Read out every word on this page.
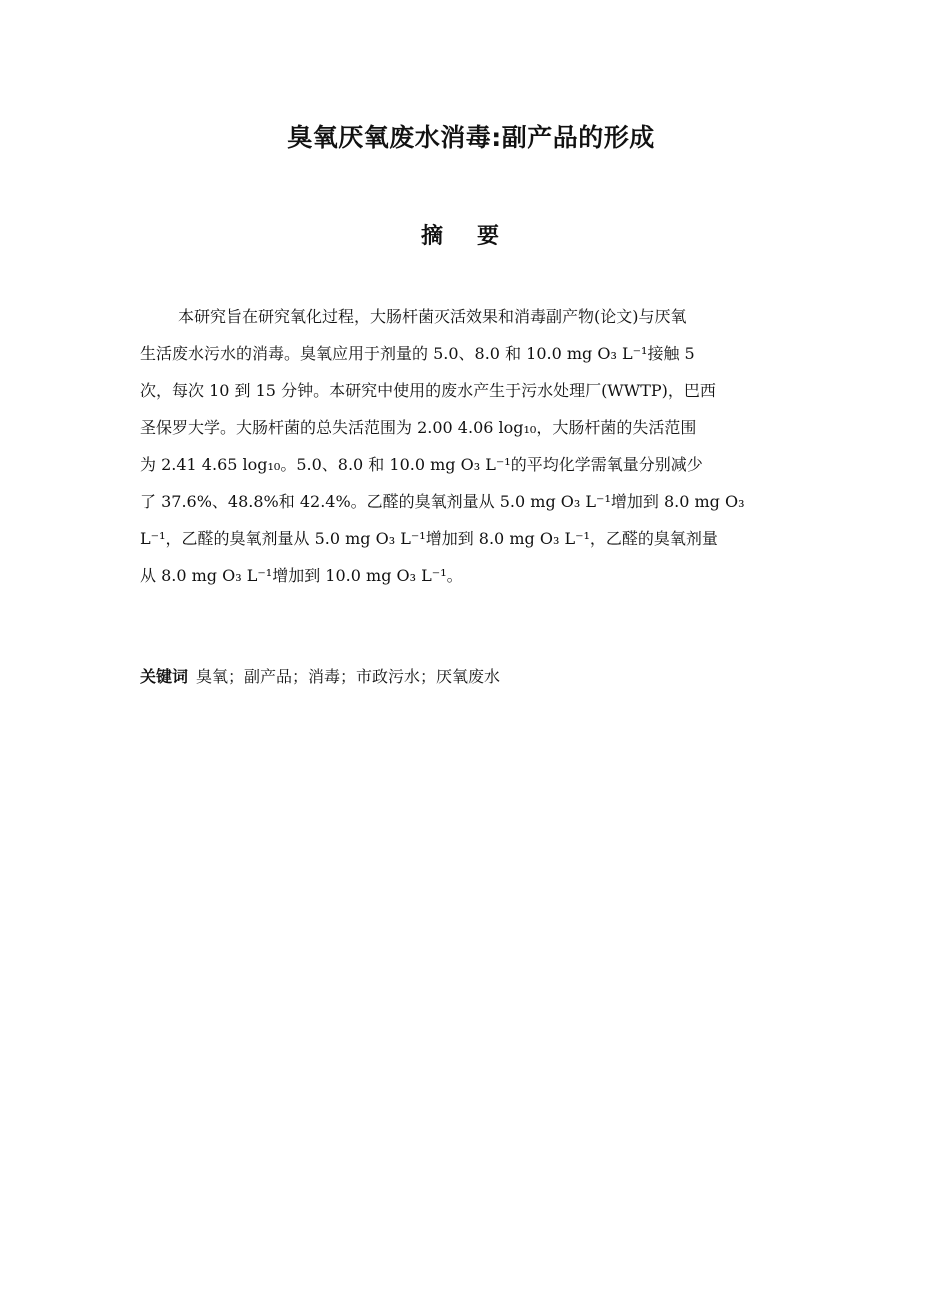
臭氧厌氧废水消毒:副产品的形成
摘　要
本研究旨在研究氧化过程，大肠杆菌灭活效果和消毒副产物(论文)与厌氧
生活废水污水的消毒。臭氧应用于剂量的 5.0、8.0 和 10.0 mg O₃ L⁻¹接触 5
次，每次 10 到 15 分钟。本研究中使用的废水产生于污水处理厂(WWTP)，巴西
圣保罗大学。大肠杆菌的总失活范围为 2.00 4.06 log₁₀，大肠杆菌的失活范围
为 2.41 4.65 log₁₀。5.0、8.0 和 10.0 mg O₃ L⁻¹的平均化学需氧量分别减少
了 37.6%、48.8%和 42.4%。乙醛的臭氧剂量从 5.0 mg O₃ L⁻¹增加到 8.0 mg O₃
L⁻¹，乙醛的臭氧剂量从 5.0 mg O₃ L⁻¹增加到 8.0 mg O₃ L⁻¹，乙醛的臭氧剂量
从 8.0 mg O₃ L⁻¹增加到 10.0 mg O₃ L⁻¹。
关键词 臭氧；副产品；消毒；市政污水；厌氧废水
